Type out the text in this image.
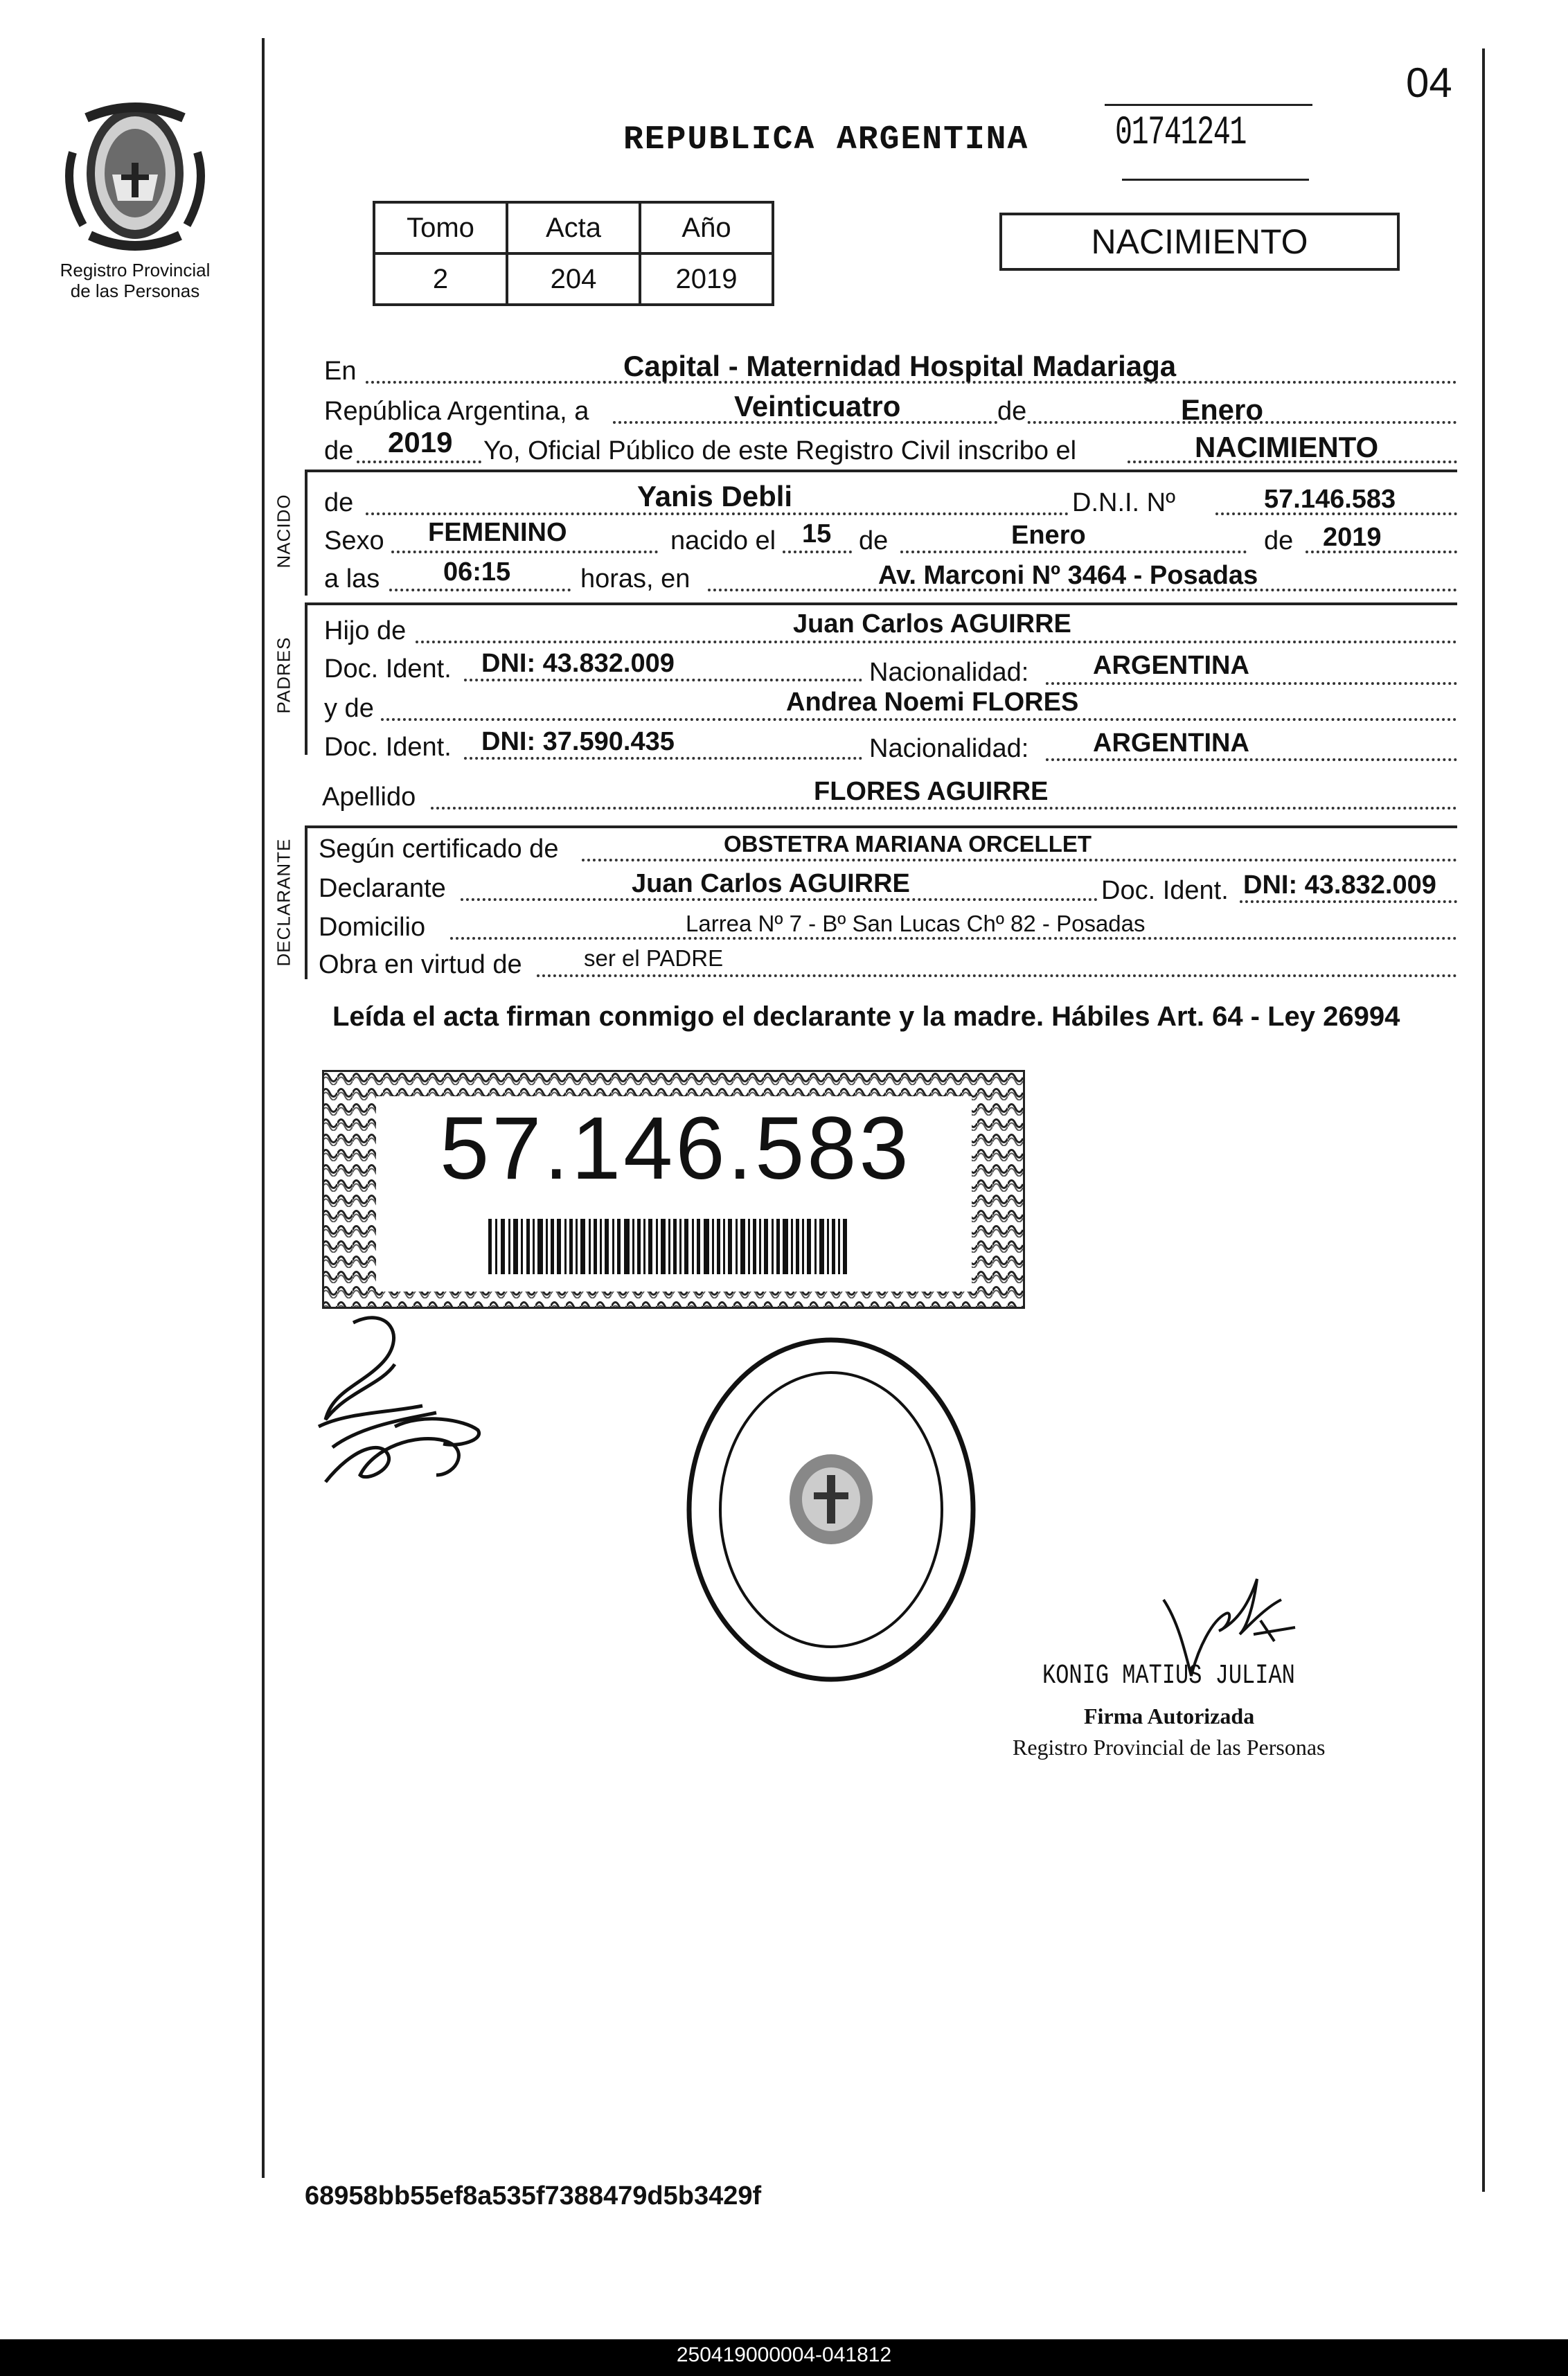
04
Registro Provincial
de las Personas
REPUBLICA ARGENTINA 01741241
Tomo	Acta	Año
2	204	2019
NACIMIENTO
En	Capital - Maternidad Hospital Madariaga
República Argentina, a	Veinticuatro	de	Enero
de 2019 Yo, Oficial Público de este Registro Civil inscribo el	NACIMIENTO
NACIDO de	Yanis Debli	D.N.I. Nº	57.146.583
Sexo FEMENINO	nacido el 15 de	Enero	de 2019
a las 06:15	horas, en	Av. Marconi Nº 3464 - Posadas
PADRES
Hijo de	Juan Carlos AGUIRRE
Doc. Ident. DNI: 43.832.009	Nacionalidad: ARGENTINA
y de	Andrea Noemi FLORES
Doc. Ident. DNI: 37.590.435	Nacionalidad: ARGENTINA
Apellido	FLORES AGUIRRE
DECLARANTE Según certificado de	OBSTETRA MARIANA ORCELLET
Declarante	Juan Carlos AGUIRRE	Doc. Ident. DNI: 43.832.009
Domicilio	Larrea Nº 7 - Bº San Lucas Chº 82 - Posadas
Obra en virtud de	ser el PADRE
Leída el acta firman conmigo el declarante y la madre. Hábiles Art. 64 - Ley 26994
57.146.583
KONIG MATIUS JULIAN
Firma Autorizada
Registro Provincial de las Personas
68958bb55ef8a535f7388479d5b3429f
250419000004-041812
